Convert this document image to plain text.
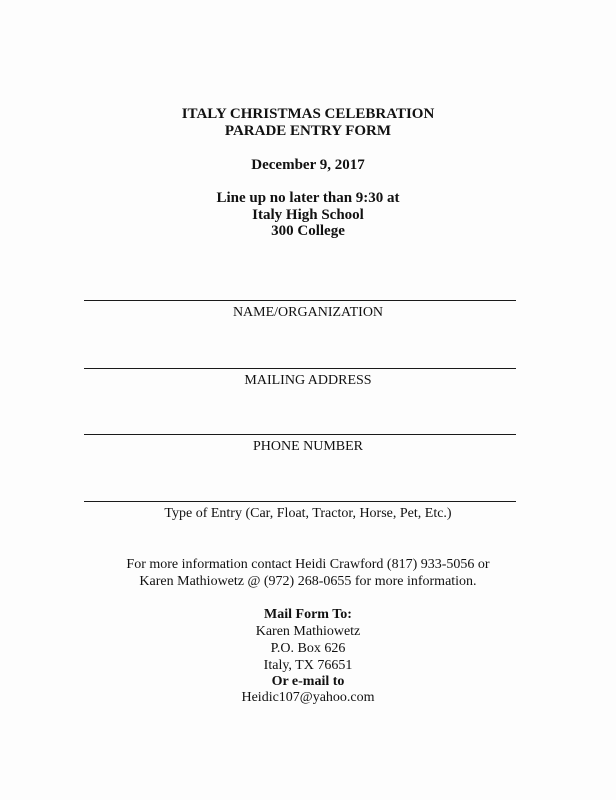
ITALY CHRISTMAS CELEBRATION

PARADE ENTRY FORM

December 9, 2017

Line up no later than 9:30 at

Italy High School

300 College

NAME/ORGANIZATION
MAILING ADDRESS
PHONE NUMBER
Type of Entry (Car, Float, Tractor, Horse, Pet, Etc.)

For more information contact Heidi Crawford (817) 933-5056 or

Karen Mathiowetz @ (972) 268-0655 for more information.

Mail Form To:

Karen Mathiowetz

P.O. Box 626

Italy, TX 76651

Or e-mail to

Heidic107@yahoo.com
